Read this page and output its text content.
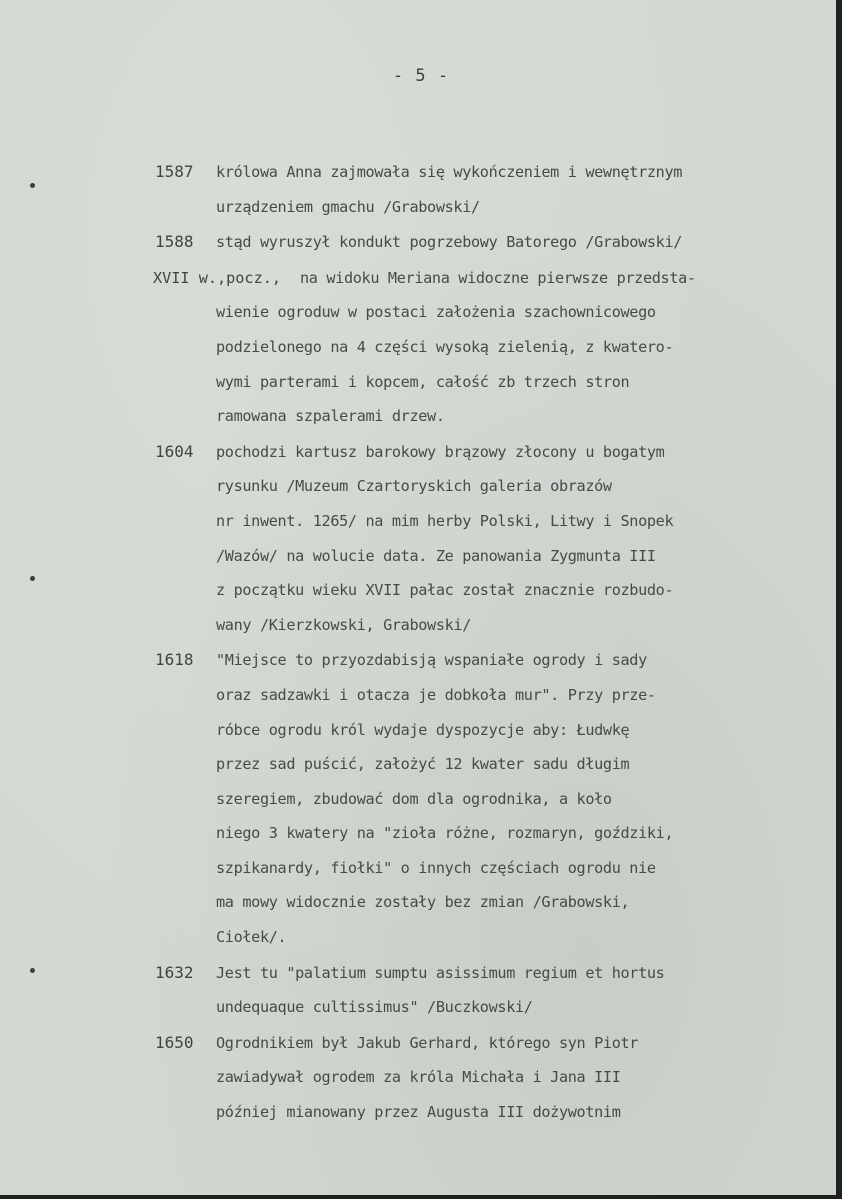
- 5 -
1587	królowa Anna zajmowała się wykończeniem i wewnętrznym
urządzeniem gmachu /Grabowski/
1588	stąd wyruszył kondukt pogrzebowy Batorego /Grabowski/
XVII w.,pocz., na widoku Meriana widoczne pierwsze przedsta-
wienie ogroduw w postaci założenia szachownicowego
podzielonego na 4 części wysoką zielenią, z kwatero-
wymi parterami i kopcem, całość zb trzech stron
ramowana szpalerami drzew.
1604	pochodzi kartusz barokowy brązowy złocony u bogatym
rysunku /Muzeum Czartoryskich galeria obrazów
nr inwent. 1265/ na mim herby Polski, Litwy i Snopek
/Wazów/ na wolucie data. Ze panowania Zygmunta III
z początku wieku XVII pałac został znacznie rozbudo-
wany /Kierzkowski, Grabowski/
1618	"Miejsce to przyozdabisją wspaniałe ogrody i sady
oraz sadzawki i otacza je dobkoła mur". Przy prze-
róbce ogrodu król wydaje dyspozycje aby: Łudwkę
przez sad puścić, założyć 12 kwater sadu długim
szeregiem, zbudować dom dla ogrodnika, a koło
niego 3 kwatery na "zioła różne, rozmaryn, goździki,
szpikanardy, fiołki" o innych częściach ogrodu nie
ma mowy widocznie zostały bez zmian /Grabowski,
Ciołek/.
1632	Jest tu "palatium sumptu asissimum regium et hortus
undequaque cultissimus" /Buczkowski/
1650	Ogrodnikiem był Jakub Gerhard, którego syn Piotr
zawiadywał ogrodem za króla Michała i Jana III
później mianowany przez Augusta III dożywotnim
